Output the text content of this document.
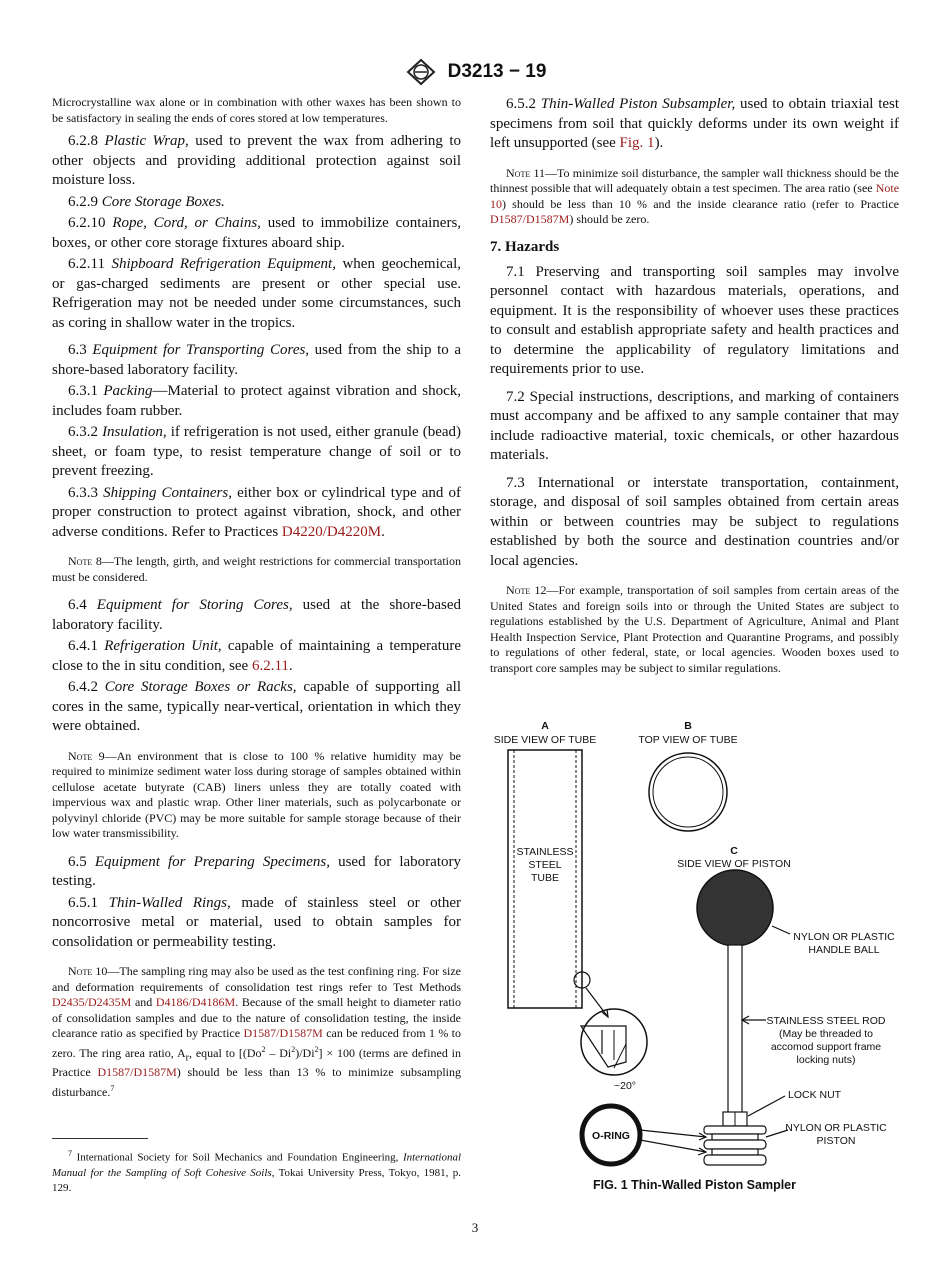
D3213 − 19

Microcrystalline wax alone or in combination with other waxes has been shown to be satisfactory in sealing the ends of cores stored at low temperatures.

6.2.8 Plastic Wrap, used to prevent the wax from adhering to other objects and providing additional protection against soil moisture loss.

6.2.9 Core Storage Boxes.

6.2.10 Rope, Cord, or Chains, used to immobilize containers, boxes, or other core storage fixtures aboard ship.

6.2.11 Shipboard Refrigeration Equipment, when geochemical, or gas-charged sediments are present or other special use. Refrigeration may not be needed under some circumstances, such as coring in shallow water in the tropics.

6.3 Equipment for Transporting Cores, used from the ship to a shore-based laboratory facility.

6.3.1 Packing—Material to protect against vibration and shock, includes foam rubber.

6.3.2 Insulation, if refrigeration is not used, either granule (bead) sheet, or foam type, to resist temperature change of soil or to prevent freezing.

6.3.3 Shipping Containers, either box or cylindrical type and of proper construction to protect against vibration, shock, and other adverse conditions. Refer to Practices D4220/D4220M.

Note 8—The length, girth, and weight restrictions for commercial transportation must be considered.

6.4 Equipment for Storing Cores, used at the shore-based laboratory facility.

6.4.1 Refrigeration Unit, capable of maintaining a temperature close to the in situ condition, see 6.2.11.

6.4.2 Core Storage Boxes or Racks, capable of supporting all cores in the same, typically near-vertical, orientation in which they were obtained.

Note 9—An environment that is close to 100 % relative humidity may be required to minimize sediment water loss during storage of samples obtained within cellulose acetate butyrate (CAB) liners unless they are totally coated with impervious wax and plastic wrap. Other liner materials, such as polycarbonate or polyvinyl chloride (PVC) may be more suitable for sample storage because of their low water transmissibility.

6.5 Equipment for Preparing Specimens, used for laboratory testing.

6.5.1 Thin-Walled Rings, made of stainless steel or other noncorrosive metal or material, used to obtain samples for consolidation or permeability testing.

Note 10—The sampling ring may also be used as the test confining ring. For size and deformation requirements of consolidation test rings refer to Test Methods D2435/D2435M and D4186/D4186M. Because of the small height to diameter ratio of consolidation samples and due to the nature of consolidation testing, the inside clearance ratio as specified by Practice D1587/D1587M can be reduced from 1 % to zero. The ring area ratio, $A_r$, equal to $[(Do^2 - Di^2)/Di^2] \times 100$ (terms are defined in Practice D1587/D1587M) should be less than 13 % to minimize subsampling disturbance.$^7$

$^7$ International Society for Soil Mechanics and Foundation Engineering, International Manual for the Sampling of Soft Cohesive Soils, Tokai University Press, Tokyo, 1981, p. 129.

6.5.2 Thin-Walled Piston Subsampler, used to obtain triaxial test specimens from soil that quickly deforms under its own weight if left unsupported (see Fig. 1).

Note 11—To minimize soil disturbance, the sampler wall thickness should be the thinnest possible that will adequately obtain a test specimen. The area ratio (see Note 10) should be less than 10 % and the inside clearance ratio (refer to Practice D1587/D1587M) should be zero.

7. Hazards

7.1 Preserving and transporting soil samples may involve personnel contact with hazardous materials, operations, and equipment. It is the responsibility of whoever uses these practices to consult and establish appropriate safety and health practices and to determine the applicability of regulatory limitations and requirements prior to use.

7.2 Special instructions, descriptions, and marking of containers must accompany and be affixed to any sample container that may include radioactive material, toxic chemicals, or other hazardous materials.

7.3 International or interstate transportation, containment, storage, and disposal of soil samples obtained from certain areas within or between countries may be subject to regulations established by both the source and destination countries and/or local agencies.

Note 12—For example, transportation of soil samples from certain areas of the United States and foreign soils into or through the United States are subject to regulations established by the U.S. Department of Agriculture, Animal and Plant Health Inspection Service, Plant Protection and Quarantine Programs, and possibly to regulations of other federal, state, or local agencies. Wooden boxes used to transport core samples may be subject to similar regulations.

A
SIDE VIEW OF TUBE
B
TOP VIEW OF TUBE
STAINLESS
STEEL
TUBE
~20°
C
SIDE VIEW OF PISTON
NYLON OR PLASTIC
HANDLE BALL
STAINLESS STEEL ROD
(May be threaded to
accomod support frame
locking nuts)
LOCK NUT
NYLON OR PLASTIC
PISTON
O-RING
FIG. 1 Thin-Walled Piston Sampler
3
